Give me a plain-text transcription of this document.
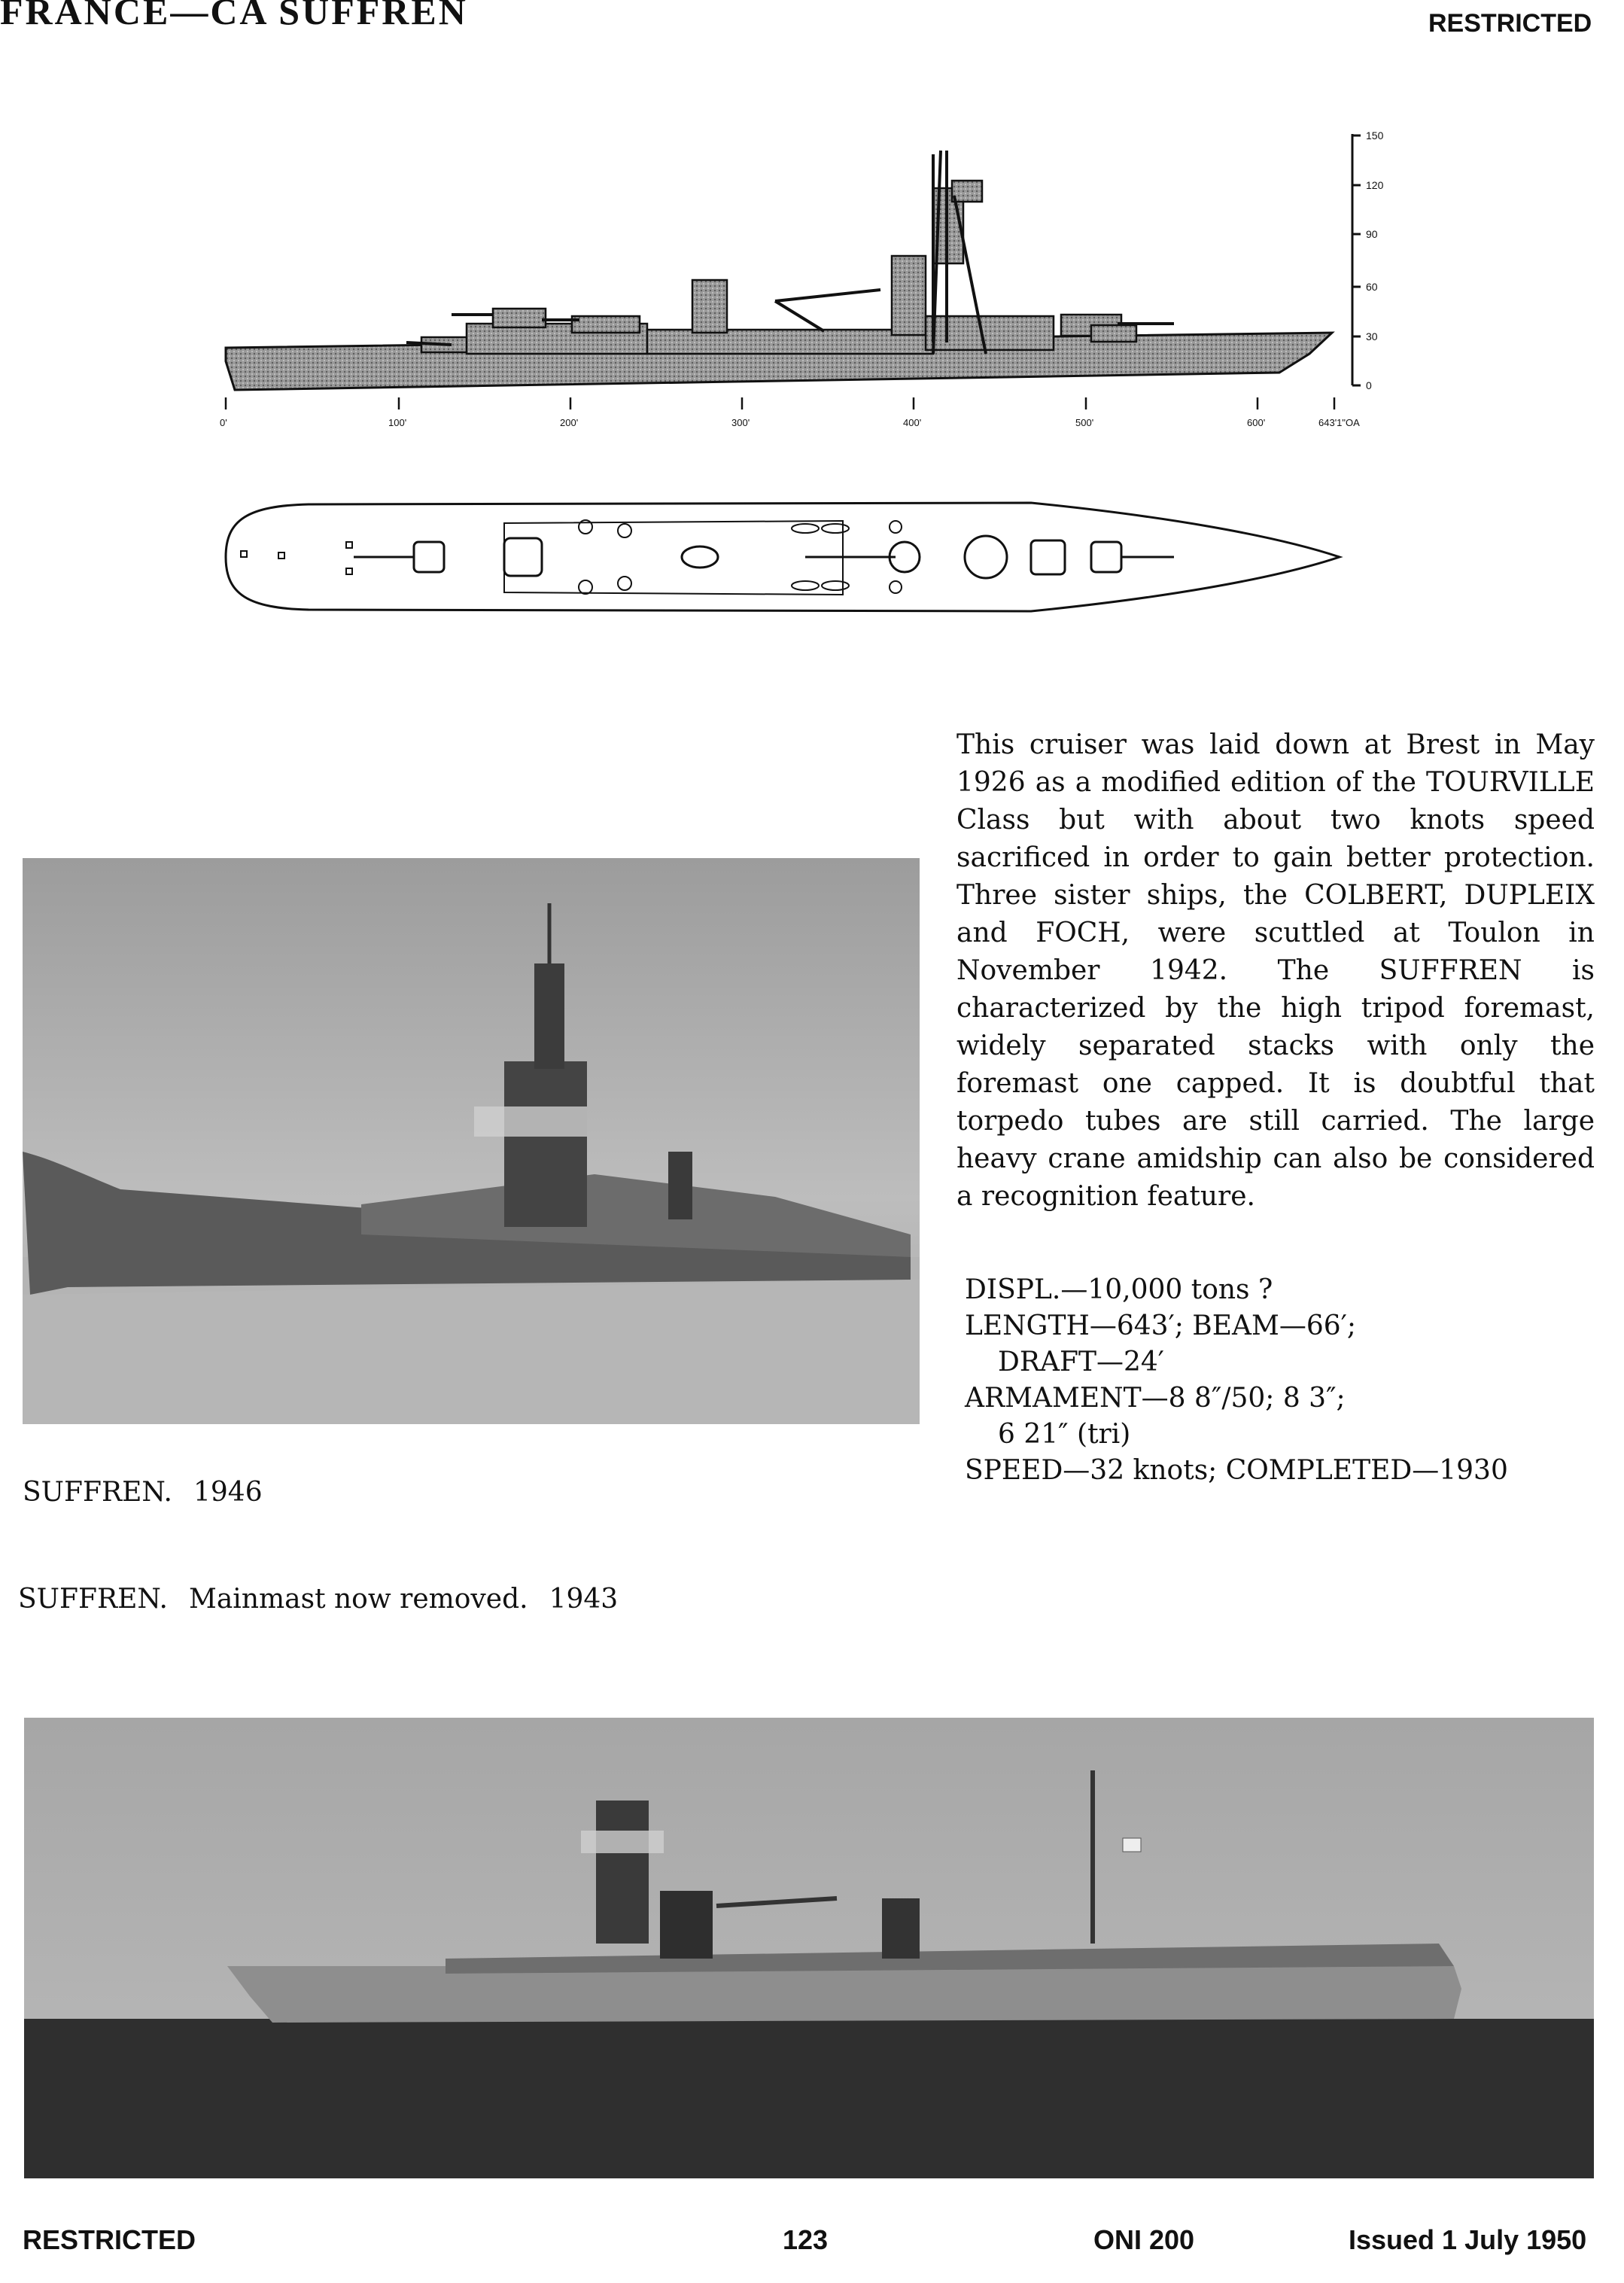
FRANCE—CA SUFFREN	RESTRICTED
150
120
90
60
30
0
0'	100'	200'	300'	400'	500'	600'	643'1"OA

This cruiser was laid down at Brest in May 1926 as a modified edition of the TOURVILLE Class but with about two knots speed sacrificed in order to gain better protection. Three sister ships, the COLBERT, DUPLEIX and FOCH, were scuttled at Toulon in November 1942. The SUFFREN is characterized by the high tripod foremast, widely separated stacks with only the foremast one capped. It is doubtful that torpedo tubes are still carried. The large heavy crane amidship can also be considered a recognition feature.

DISPL.—10,000 tons ?
LENGTH—643′; BEAM—66′;
DRAFT—24′
ARMAMENT—8 8″/50; 8 3″;
6 21″ (tri)
SPEED—32 knots; COMPLETED—1930
SUFFREN. 1946
SUFFREN. Mainmast now removed. 1943
RESTRICTED	123	ONI 200	Issued 1 July 1950
